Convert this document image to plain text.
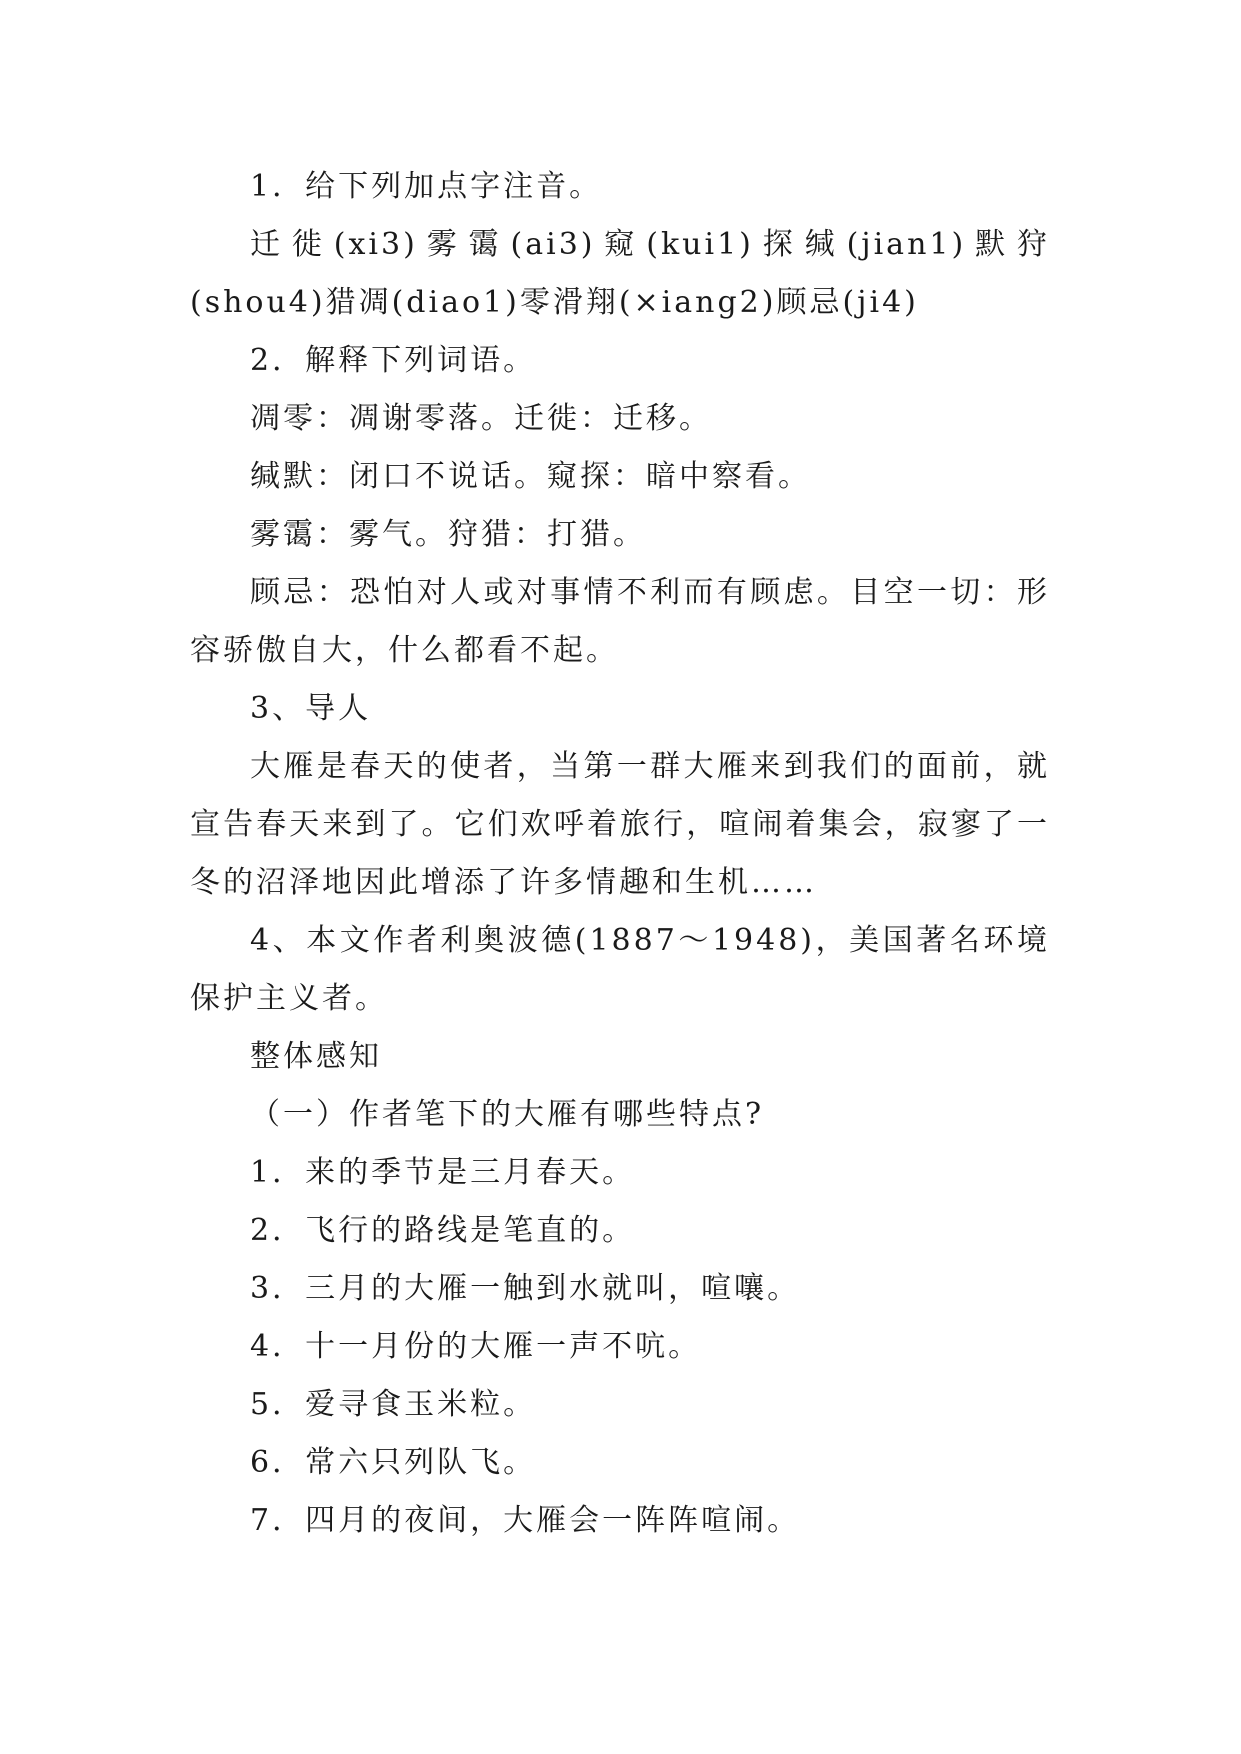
1．给下列加点字注音。

迁徙(xi3)雾霭(ai3)窥(kui1)探缄(jian1)默狩(shou4)猎凋(diao1)零滑翔(×iang2)顾忌(ji4)

2．解释下列词语。

凋零：凋谢零落。迁徙：迁移。

缄默：闭口不说话。窥探：暗中察看。

雾霭：雾气。狩猎：打猎。

顾忌：恐怕对人或对事情不利而有顾虑。目空一切：形容骄傲自大，什么都看不起。

3、导人

大雁是春天的使者，当第一群大雁来到我们的面前，就宣告春天来到了。它们欢呼着旅行，喧闹着集会，寂寥了一冬的沼泽地因此增添了许多情趣和生机……

4、本文作者利奥波德(1887～1948)，美国著名环境保护主义者。

整体感知

（一）作者笔下的大雁有哪些特点?

1．来的季节是三月春天。

2．飞行的路线是笔直的。

3．三月的大雁一触到水就叫，喧嚷。

4．十一月份的大雁一声不吭。

5．爱寻食玉米粒。

6．常六只列队飞。

7．四月的夜间，大雁会一阵阵喧闹。
